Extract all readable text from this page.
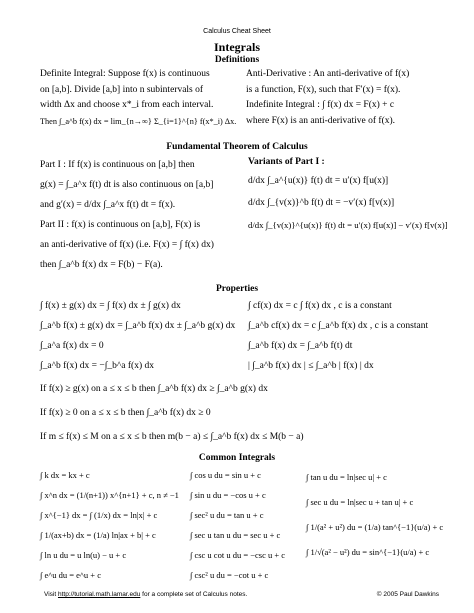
Calculus Cheat Sheet
Integrals
Definitions
Definite Integral: Suppose f(x) is continuous
on [a,b]. Divide [a,b] into n subintervals of
width Δx and choose x*_i from each interval.
Then ∫_a^b f(x) dx = lim_{n→∞} Σ_{i=1}^{n} f(x*_i) Δx.
Anti-Derivative : An anti-derivative of f(x)
is a function, F(x), such that F′(x) = f(x).
Indefinite Integral : ∫ f(x) dx = F(x) + c
where F(x) is an anti-derivative of f(x).
Fundamental Theorem of Calculus
Part I : If f(x) is continuous on [a,b] then
g(x) = ∫_a^x f(t) dt is also continuous on [a,b]
and g′(x) = d/dx ∫_a^x f(t) dt = f(x).
Part II : f(x) is continuous on [a,b], F(x) is
an anti-derivative of f(x) (i.e. F(x) = ∫ f(x) dx)
then ∫_a^b f(x) dx = F(b) − F(a).
Variants of Part I :
d/dx ∫_a^{u(x)} f(t) dt = u′(x) f[u(x)]
d/dx ∫_{v(x)}^b f(t) dt = −v′(x) f[v(x)]
d/dx ∫_{v(x)}^{u(x)} f(t) dt = u′(x) f[u(x)] − v′(x) f[v(x)]
Properties
∫ f(x) ± g(x) dx = ∫ f(x) dx ± ∫ g(x) dx
∫_a^b f(x) ± g(x) dx = ∫_a^b f(x) dx ± ∫_a^b g(x) dx
∫_a^a f(x) dx = 0
∫_a^b f(x) dx = −∫_b^a f(x) dx
∫ cf(x) dx = c ∫ f(x) dx , c is a constant
∫_a^b cf(x) dx = c ∫_a^b f(x) dx , c is a constant
∫_a^b f(x) dx = ∫_a^b f(t) dt
| ∫_a^b f(x) dx | ≤ ∫_a^b | f(x) | dx
If f(x) ≥ g(x) on a ≤ x ≤ b then ∫_a^b f(x) dx ≥ ∫_a^b g(x) dx
If f(x) ≥ 0 on a ≤ x ≤ b then ∫_a^b f(x) dx ≥ 0
If m ≤ f(x) ≤ M on a ≤ x ≤ b then m(b − a) ≤ ∫_a^b f(x) dx ≤ M(b − a)
Common Integrals
∫ k dx = kx + c
∫ x^n dx = (1/(n+1)) x^{n+1} + c, n ≠ −1
∫ x^{−1} dx = ∫ (1/x) dx = ln|x| + c
∫ 1/(ax+b) dx = (1/a) ln|ax + b| + c
∫ ln u du = u ln(u) − u + c
∫ e^u du = e^u + c
∫ cos u du = sin u + c
∫ sin u du = −cos u + c
∫ sec² u du = tan u + c
∫ sec u tan u du = sec u + c
∫ csc u cot u du = −csc u + c
∫ csc² u du = −cot u + c
∫ tan u du = ln|sec u| + c
∫ sec u du = ln|sec u + tan u| + c
∫ 1/(a² + u²) du = (1/a) tan^{−1}(u/a) + c
∫ 1/√(a² − u²) du = sin^{−1}(u/a) + c
Visit http://tutorial.math.lamar.edu for a complete set of Calculus notes.	© 2005 Paul Dawkins
